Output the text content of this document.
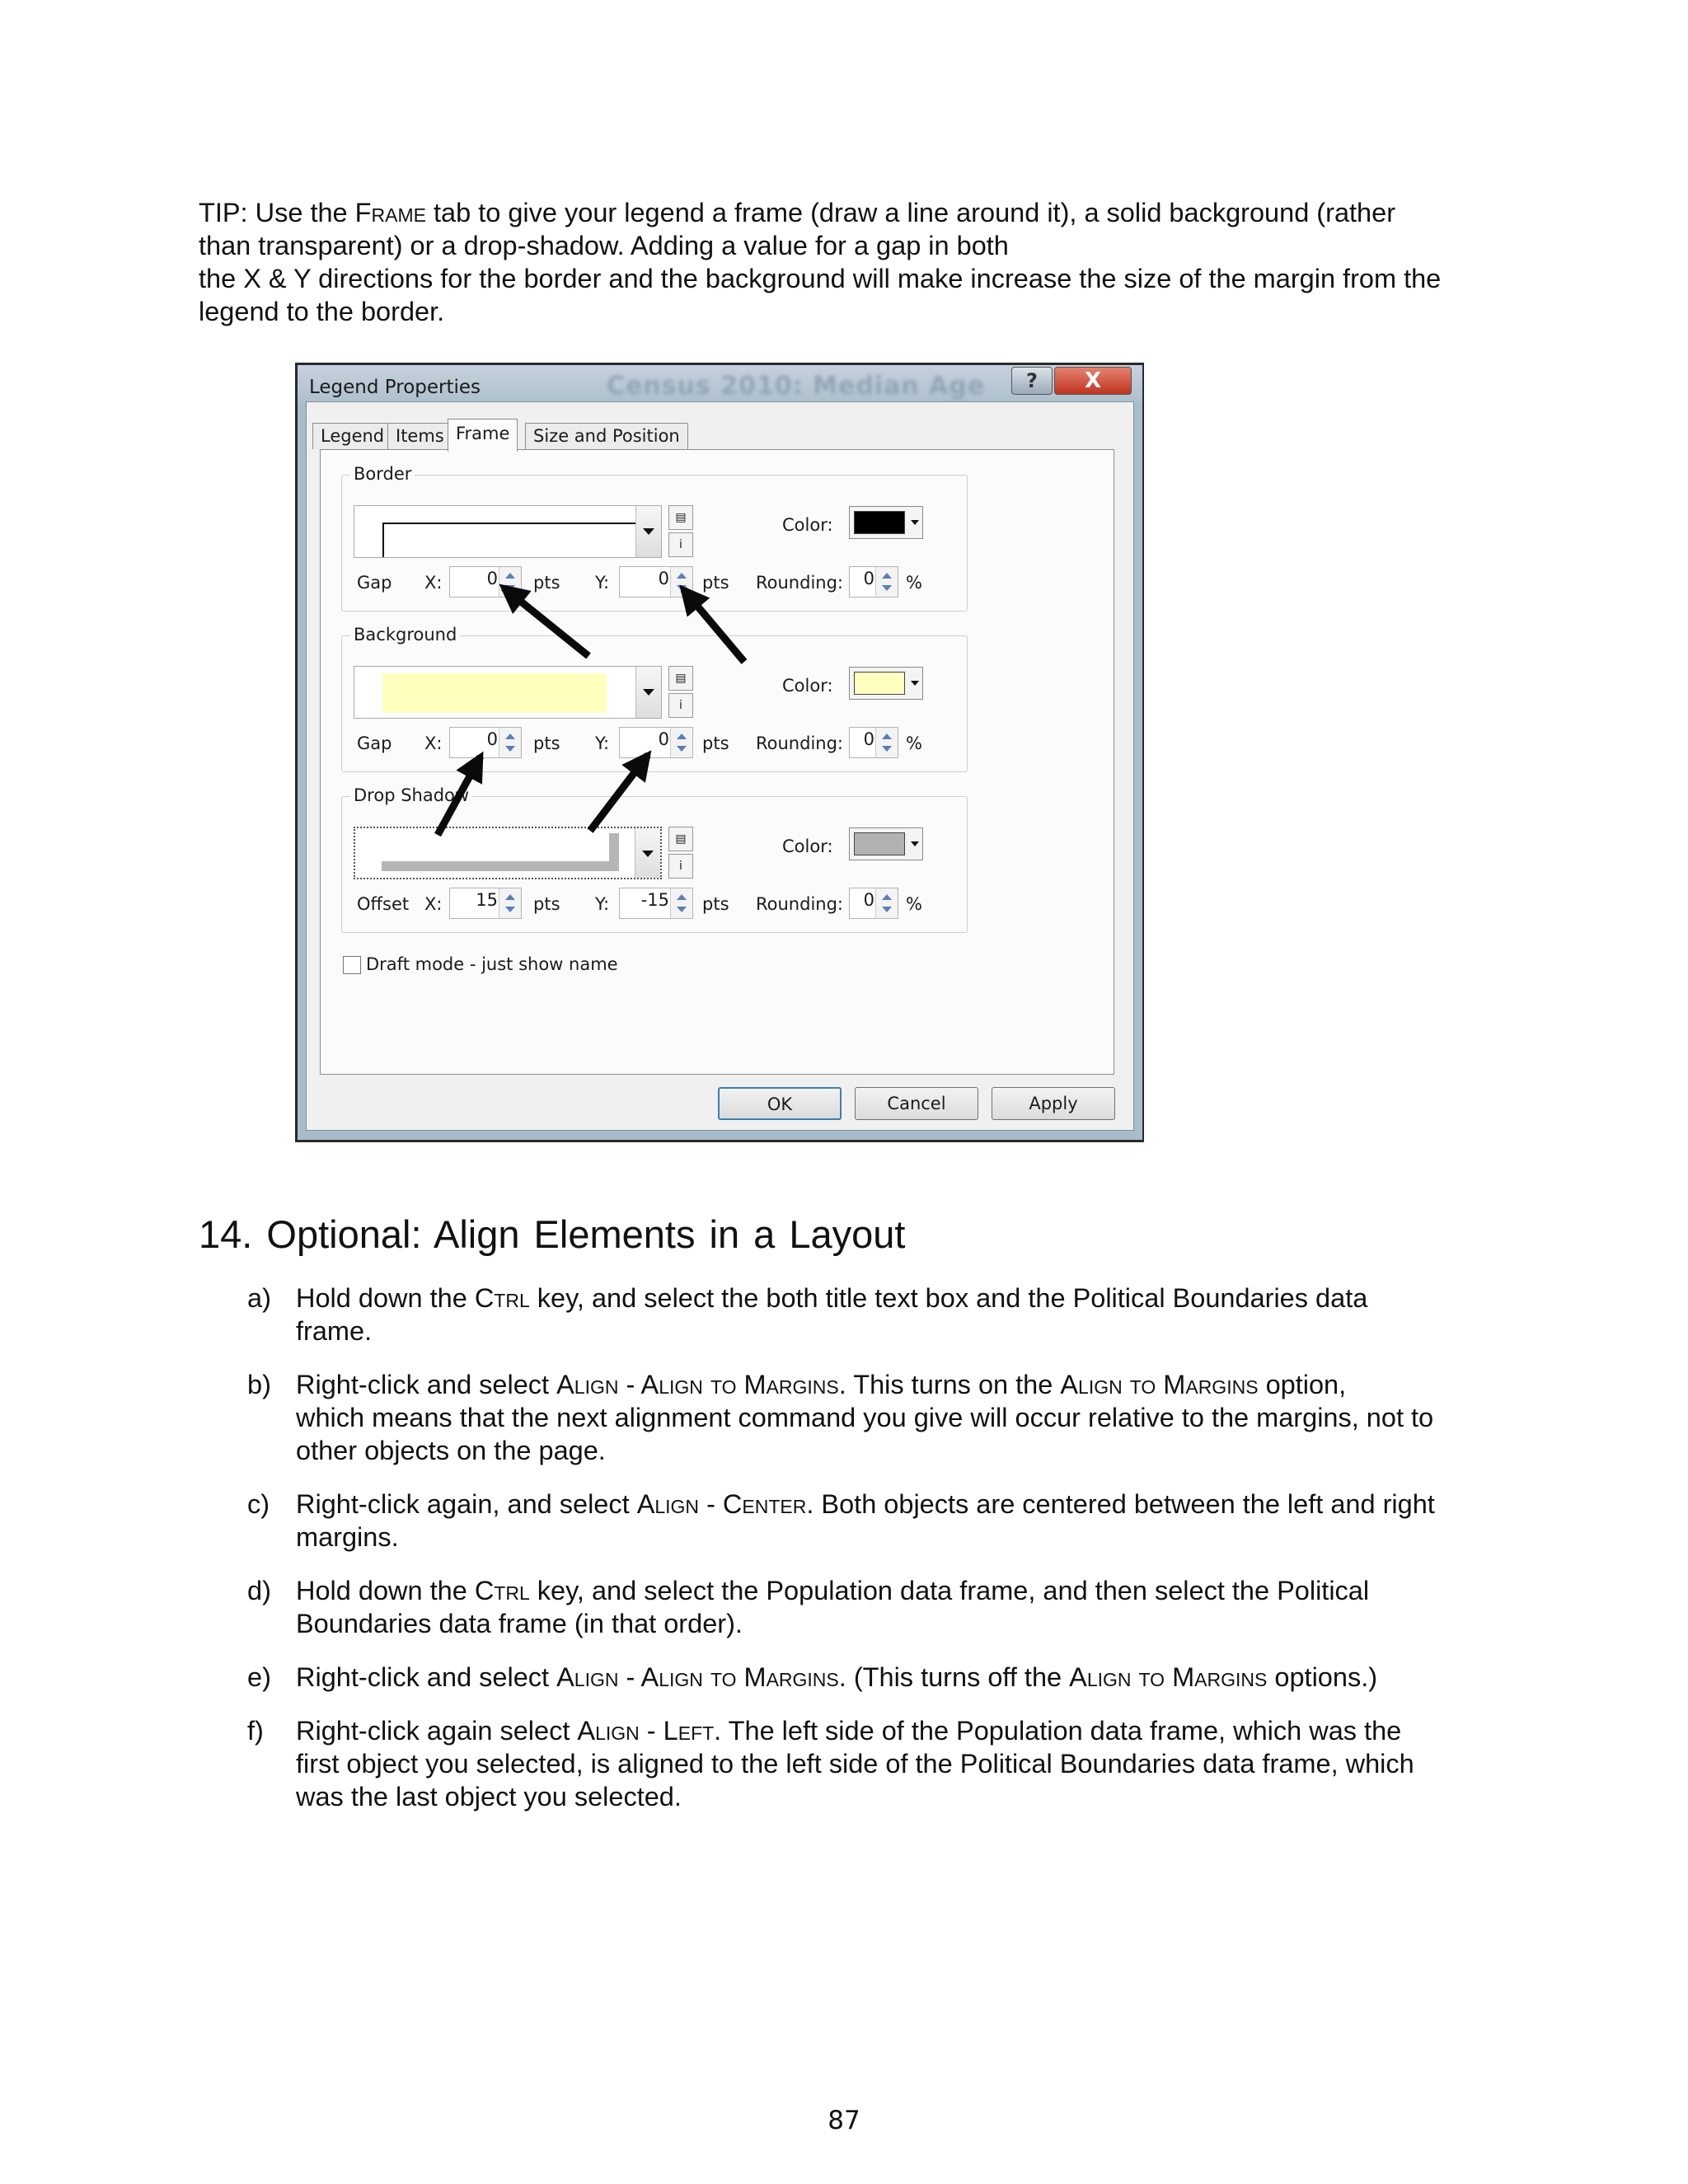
TIP: Use the Frame tab to give your legend a frame (draw a line around it), a solid background (rather
than transparent) or a drop-shadow. Adding a value for a gap in both
the X & Y directions for the border and the background will make increase the size of the margin from the
legend to the border.
Legend Properties	Census 2010: Median Age	?	X
Legend Items Frame	Size and Position
Border
▤
i
Color:
Gap X:	0 pts Y:	0 pts Rounding: 0 %
Background
▤
i
Color:
Gap X:	0 pts Y:	0 pts Rounding: 0 %
Drop Shadow
▤
i
Color:
Offset X: 15 pts Y: -15 pts Rounding: 0 %
Draft mode - just show name
OK	Cancel	Apply
14. Optional: Align Elements in a Layout
a) Hold down the Ctrl key, and select the both title text box and the Political Boundaries data
frame.
b) Right-click and select Align - Align to Margins. This turns on the Align to Margins option,
which means that the next alignment command you give will occur relative to the margins, not to
other objects on the page.
c) Right-click again, and select Align - Center. Both objects are centered between the left and right
margins.
d) Hold down the Ctrl key, and select the Population data frame, and then select the Political
Boundaries data frame (in that order).
e) Right-click and select Align - Align to Margins. (This turns off the Align to Margins options.)
f) Right-click again select Align - Left. The left side of the Population data frame, which was the
first object you selected, is aligned to the left side of the Political Boundaries data frame, which
was the last object you selected.
87
